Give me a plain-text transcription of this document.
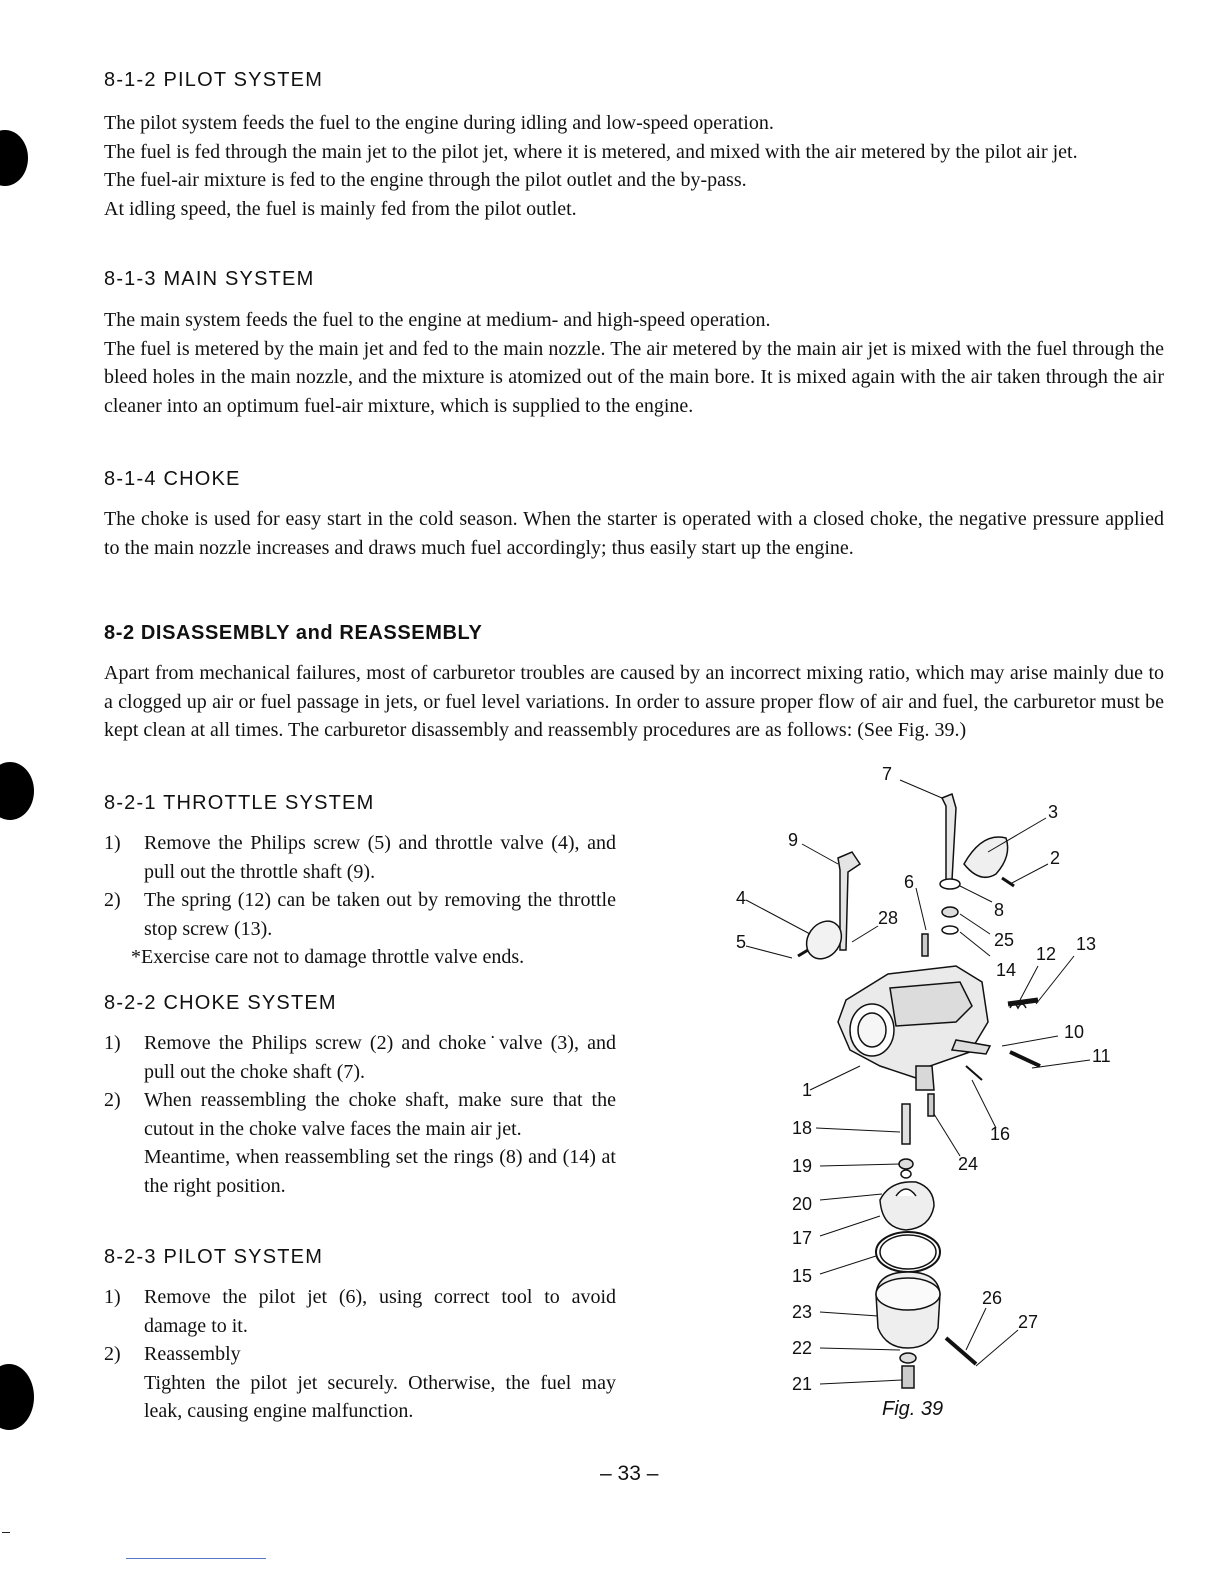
8-1-2 PILOT SYSTEM

The pilot system feeds the fuel to the engine during idling and low-speed operation.

The fuel is fed through the main jet to the pilot jet, where it is metered, and mixed with the air metered by the pilot air jet.

The fuel-air mixture is fed to the engine through the pilot outlet and the by-pass.

At idling speed, the fuel is mainly fed from the pilot outlet.

8-1-3 MAIN SYSTEM

The main system feeds the fuel to the engine at medium- and high-speed operation.

The fuel is metered by the main jet and fed to the main nozzle. The air metered by the main air jet is mixed with the fuel through the bleed holes in the main nozzle, and the mixture is atomized out of the main bore. It is mixed again with the air taken through the air cleaner into an optimum fuel-air mixture, which is supplied to the engine.

8-1-4 CHOKE

The choke is used for easy start in the cold season. When the starter is operated with a closed choke, the negative pressure applied to the main nozzle increases and draws much fuel accordingly; thus easily start up the engine.

8-2 DISASSEMBLY and REASSEMBLY

Apart from mechanical failures, most of carburetor troubles are caused by an incorrect mixing ratio, which may arise mainly due to a clogged up air or fuel passage in jets, or fuel level variations. In order to assure proper flow of air and fuel, the carburetor must be kept clean at all times. The carburetor disassembly and reassembly procedures are as follows: (See Fig. 39.)

8-2-1 THROTTLE SYSTEM
1) Remove the Philips screw (5) and throttle valve (4), and pull out the throttle shaft (9).
2) The spring (12) can be taken out by removing the throttle stop screw (13).
*Exercise care not to damage throttle valve ends.
8-2-2 CHOKE SYSTEM
1) Remove the Philips screw (2) and choke˙valve (3), and pull out the choke shaft (7).
2) When reassembling the choke shaft, make sure that the cutout in the choke valve faces the main air jet.
Meantime, when reassembling set the rings (8) and (14) at the right position.
8-2-3 PILOT SYSTEM
1) Remove the pilot jet (6), using correct tool to avoid damage to it.
2) Reassembly
Tighten the pilot jet securely. Otherwise, the fuel may leak, causing engine malfunction.
7
3
9
2
6
8
4
28
25
5
12 13
14
10
11
1
18	16
19	24
20
17
15
26
23	27
22
21
Fig. 39
– 33 –
